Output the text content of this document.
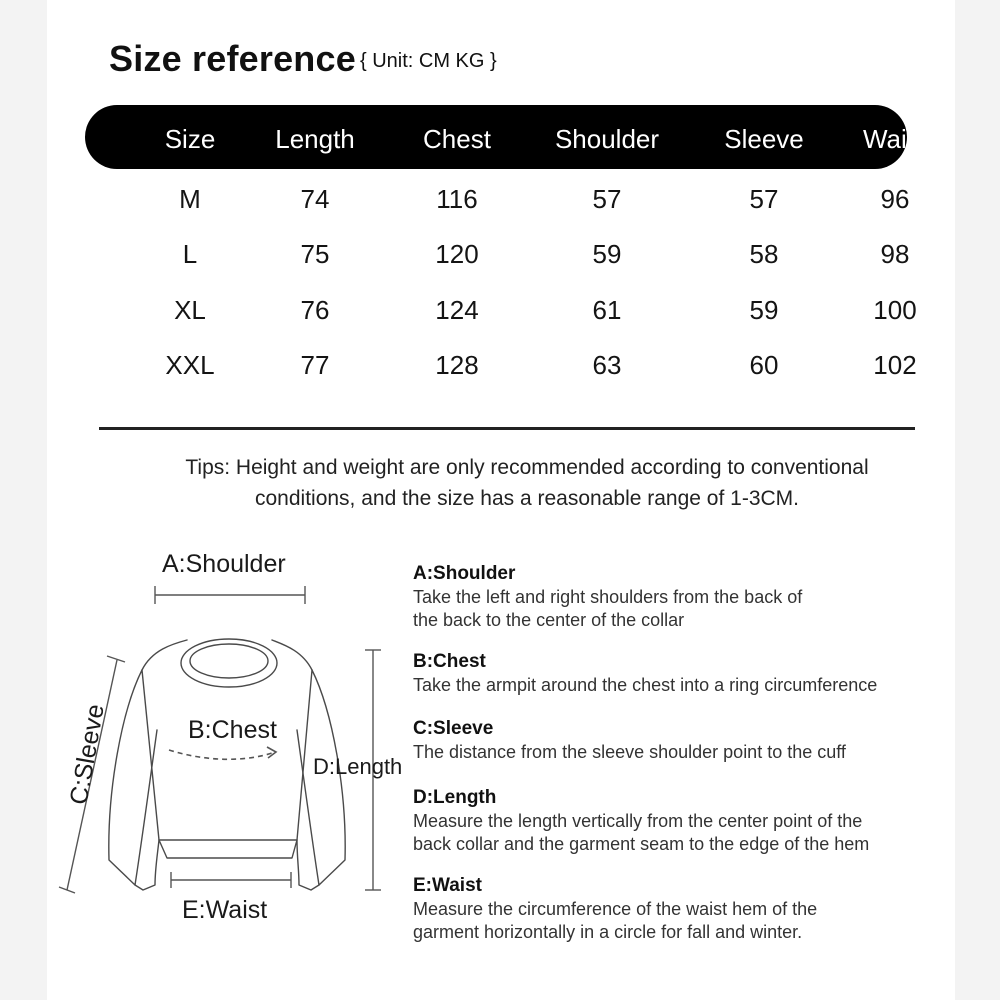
Size reference { Unit: CM KG }
Size	Length	Chest	Shoulder	Sleeve	Waist
M	74	116	57	57	96
L	75	120	59	58	98
XL	76	124	61	59	100
XXL	77	128	63	60	102
Tips: Height and weight are only recommended according to conventional
conditions, and the size has a reasonable range of 1-3CM.
A:Shoulder
B:Chest
D:Length
E:Waist
C:Sleeve
A:Shoulder
Take the left and right shoulders from the back of
the back to the center of the collar
B:Chest
Take the armpit around the chest into a ring circumference
C:Sleeve
The distance from the sleeve shoulder point to the cuff
D:Length
Measure the length vertically from the center point of the
back collar and the garment seam to the edge of the hem
E:Waist
Measure the circumference of the waist hem of the
garment horizontally in a circle for fall and winter.
